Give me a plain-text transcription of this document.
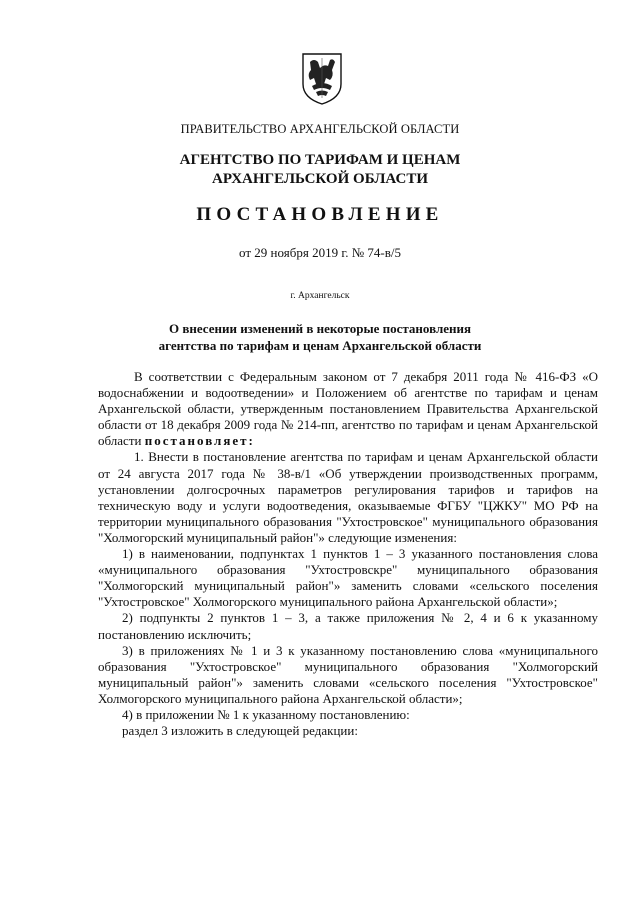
ПРАВИТЕЛЬСТВО АРХАНГЕЛЬСКОЙ ОБЛАСТИ
АГЕНТСТВО ПО ТАРИФАМ И ЦЕНАМ
АРХАНГЕЛЬСКОЙ ОБЛАСТИ
ПОСТАНОВЛЕНИЕ
от 29 ноября 2019 г. № 74-в/5
г. Архангельск
О внесении изменений в некоторые постановления
агентства по тарифам и ценам Архангельской области

В соответствии с Федеральным законом от 7 декабря 2011 года № 416-ФЗ «О водоснабжении и водоотведении» и Положением об агентстве по тарифам и ценам Архангельской области, утвержденным постановлением Правительства Архангельской области от 18 декабря 2009 года № 214-пп, агентство по тарифам и ценам Архангельской области постановляет:

1. Внести в постановление агентства по тарифам и ценам Архангельской области от 24 августа 2017 года № 38-в/1 «Об утверждении производственных программ, установлении долгосрочных параметров регулирования тарифов и тарифов на техническую воду и услуги водоотведения, оказываемые ФГБУ "ЦЖКУ" МО РФ на территории муниципального образования "Ухтостровское" муниципального образования "Холмогорский муниципальный район"» следующие изменения:

1) в наименовании, подпунктах 1 пунктов 1 – 3 указанного постановления слова «муниципального образования "Ухтостровскре" муниципального образования "Холмогорский муниципальный район"» заменить словами «сельского поселения "Ухтостровское" Холмогорского муниципального района Архангельской области»;

2) подпункты 2 пунктов 1 – 3, а также приложения № 2, 4 и 6 к указанному постановлению исключить;

3) в приложениях № 1 и 3 к указанному постановлению слова «муниципального образования "Ухтостровское" муниципального образования "Холмогорский муниципальный район"» заменить словами «сельского поселения "Ухтостровское" Холмогорского муниципального района Архангельской области»;

4) в приложении № 1 к указанному постановлению:

раздел 3 изложить в следующей редакции:
